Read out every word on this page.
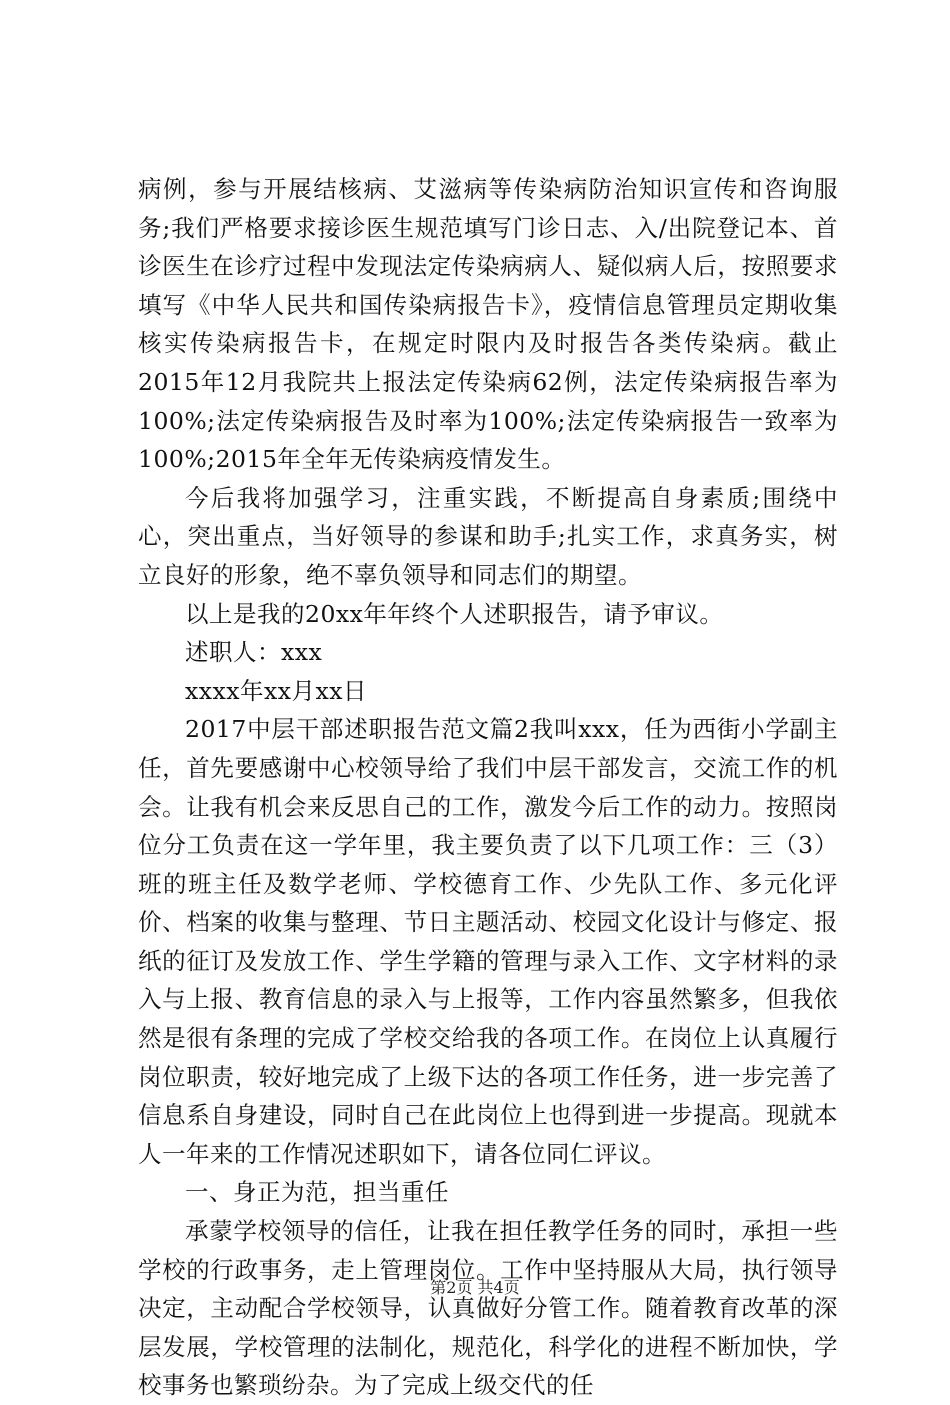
病例，参与开展结核病、艾滋病等传染病防治知识宣传和咨询服务;我们严格要求接诊医生规范填写门诊日志、入/出院登记本、首诊医生在诊疗过程中发现法定传染病病人、疑似病人后，按照要求填写《中华人民共和国传染病报告卡》，疫情信息管理员定期收集核实传染病报告卡，在规定时限内及时报告各类传染病。截止2015年12月我院共上报法定传染病62例，法定传染病报告率为100%;法定传染病报告及时率为100%;法定传染病报告一致率为100%;2015年全年无传染病疫情发生。

今后我将加强学习，注重实践，不断提高自身素质;围绕中心，突出重点，当好领导的参谋和助手;扎实工作，求真务实，树立良好的形象，绝不辜负领导和同志们的期望。

以上是我的20xx年年终个人述职报告，请予审议。

述职人：xxx

xxxx年xx月xx日

2017中层干部述职报告范文篇2我叫xxx，任为西街小学副主任，首先要感谢中心校领导给了我们中层干部发言，交流工作的机会。让我有机会来反思自己的工作，激发今后工作的动力。按照岗位分工负责在这一学年里，我主要负责了以下几项工作：三（3）班的班主任及数学老师、学校德育工作、少先队工作、多元化评价、档案的收集与整理、节日主题活动、校园文化设计与修定、报纸的征订及发放工作、学生学籍的管理与录入工作、文字材料的录入与上报、教育信息的录入与上报等，工作内容虽然繁多，但我依然是很有条理的完成了学校交给我的各项工作。在岗位上认真履行岗位职责，较好地完成了上级下达的各项工作任务，进一步完善了信息系自身建设，同时自己在此岗位上也得到进一步提高。现就本人一年来的工作情况述职如下，请各位同仁评议。

一、身正为范，担当重任

承蒙学校领导的信任，让我在担任教学任务的同时，承担一些学校的行政事务，走上管理岗位。工作中坚持服从大局，执行领导决定，主动配合学校领导，认真做好分管工作。随着教育改革的深层发展，学校管理的法制化，规范化，科学化的进程不断加快，学校事务也繁琐纷杂。为了完成上级交代的任

第2页 共4页
